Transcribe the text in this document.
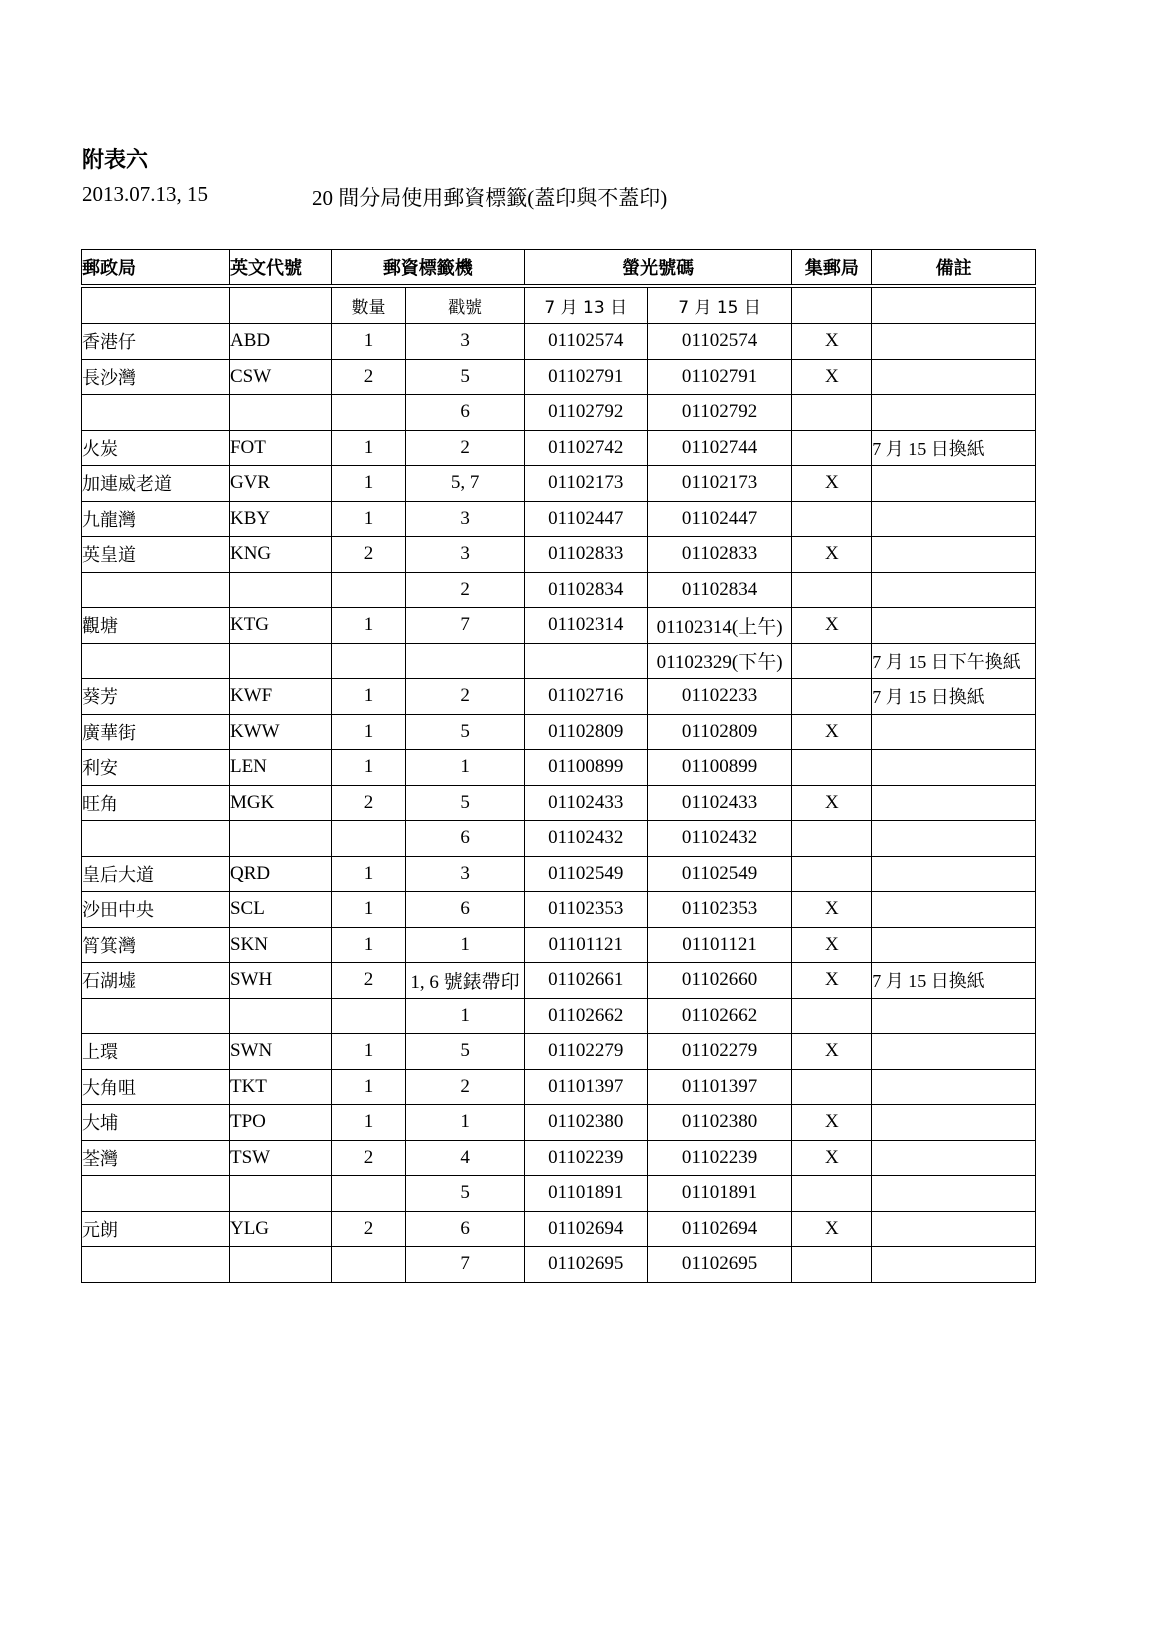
附表六
2013.07.13, 15	20 間分局使用郵資標籤(蓋印與不蓋印)
郵政局	英文代號	郵資標籤機		螢光號碼		集郵局	備註
		數量	戳號	7 月 13 日	7 月 15 日		
香港仔	ABD	1	3	01102574	01102574	X	
長沙灣	CSW	2	5	01102791	01102791	X	
			6	01102792	01102792		
火炭	FOT	1	2	01102742	01102744		7 月 15 日換紙
加連威老道	GVR	1	5, 7	01102173	01102173	X	
九龍灣	KBY	1	3	01102447	01102447		
英皇道	KNG	2	3	01102833	01102833	X	
			2	01102834	01102834		
觀塘	KTG	1	7	01102314	01102314(上午)	X	
					01102329(下午)		7 月 15 日下午換紙
葵芳	KWF	1	2	01102716	01102233		7 月 15 日換紙
廣華街	KWW	1	5	01102809	01102809	X	
利安	LEN	1	1	01100899	01100899		
旺角	MGK	2	5	01102433	01102433	X	
			6	01102432	01102432		
皇后大道	QRD	1	3	01102549	01102549		
沙田中央	SCL	1	6	01102353	01102353	X	
筲箕灣	SKN	1	1	01101121	01101121	X	
石湖墟	SWH	2	1, 6 號錶帶印	01102661	01102660	X	7 月 15 日換紙
			1	01102662	01102662		
上環	SWN	1	5	01102279	01102279	X	
大角咀	TKT	1	2	01101397	01101397		
大埔	TPO	1	1	01102380	01102380	X	
荃灣	TSW	2	4	01102239	01102239	X	
			5	01101891	01101891		
元朗	YLG	2	6	01102694	01102694	X	
			7	01102695	01102695		
